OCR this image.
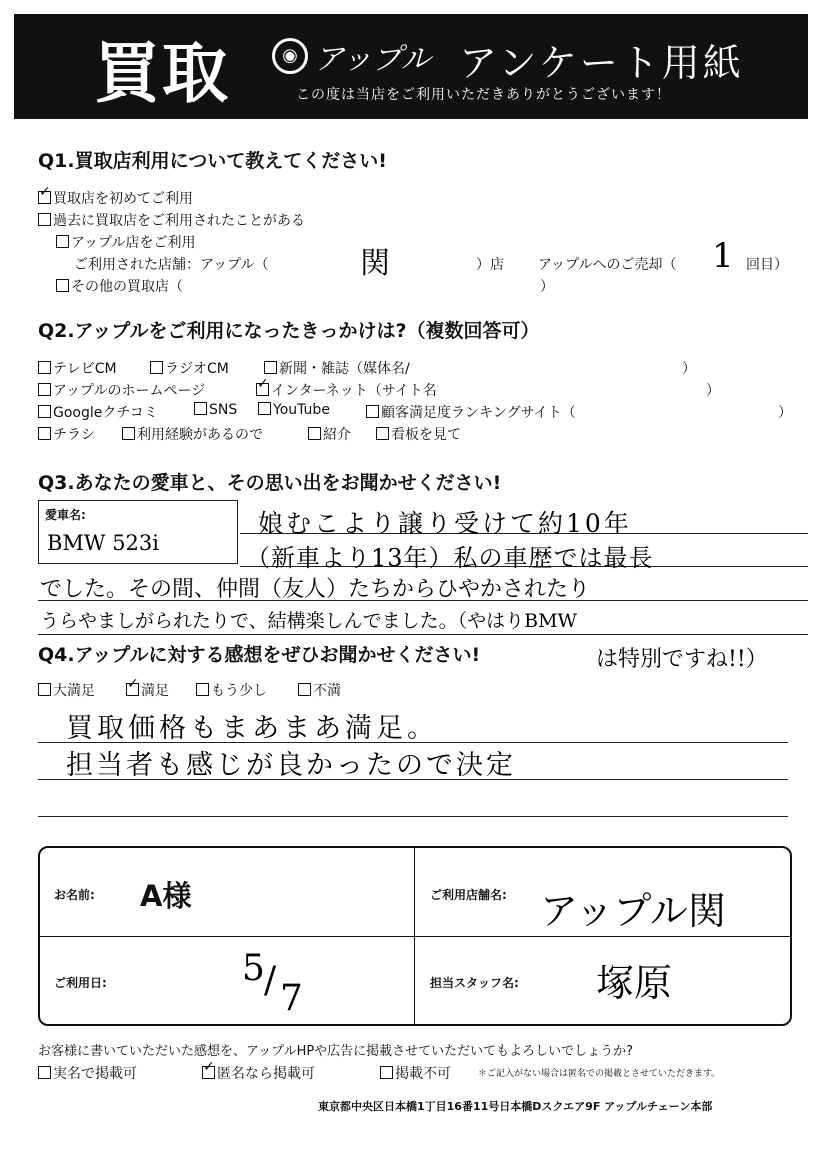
買取	◉ アップル アンケート用紙
この度は当店をご利用いただきありがとうございます！
Q1.買取店利用について教えてください!
✓買取店を初めてご利用
過去に買取店をご利用されたことがある
アップル店をご利用
ご利用された店舗：アップル（	関	）店 アップルへのご売却（ 1 回目）
その他の買取店（	）
Q2.アップルをご利用になったきっかけは?（複数回答可）
テレビCM	ラジオCM	新聞・雑誌（媒体名/	）
アップルのホームページ ✓	インターネット（サイト名	）
Googleクチコミ	SNS	YouTube	顧客満足度ランキングサイト（	）
チラシ	利用経験があるので	紹介	看板を見て
Q3.あなたの愛車と、その思い出をお聞かせください!
愛車名:
BMW 523i
娘むこより譲り受けて約10年
（新車より13年）私の車歴では最長
でした。その間、仲間（友人）たちからひやかされたり
うらやましがられたりで、結構楽しんでました。（やはりBMW
Q4.アップルに対する感想をぜひお聞かせください!	は特別ですね!!）
大満足 ✓	満足	もう少し	不満
買取価格もまあまあ満足。
担当者も感じが良かったので決定
お名前: A様	ご利用店舗名: アップル関
ご利用日:	5 / 7	担当スタッフ名: 塚原
お客様に書いていただいた感想を、アップルHPや広告に掲載させていただいてもよろしいでしょうか?
実名で掲載可 ✓	匿名なら掲載可	掲載不可	＊ご記入がない場合は匿名での掲載とさせていただきます。
東京都中央区日本橋1丁目16番11号日本橋Dスクエア9F アップルチェーン本部
